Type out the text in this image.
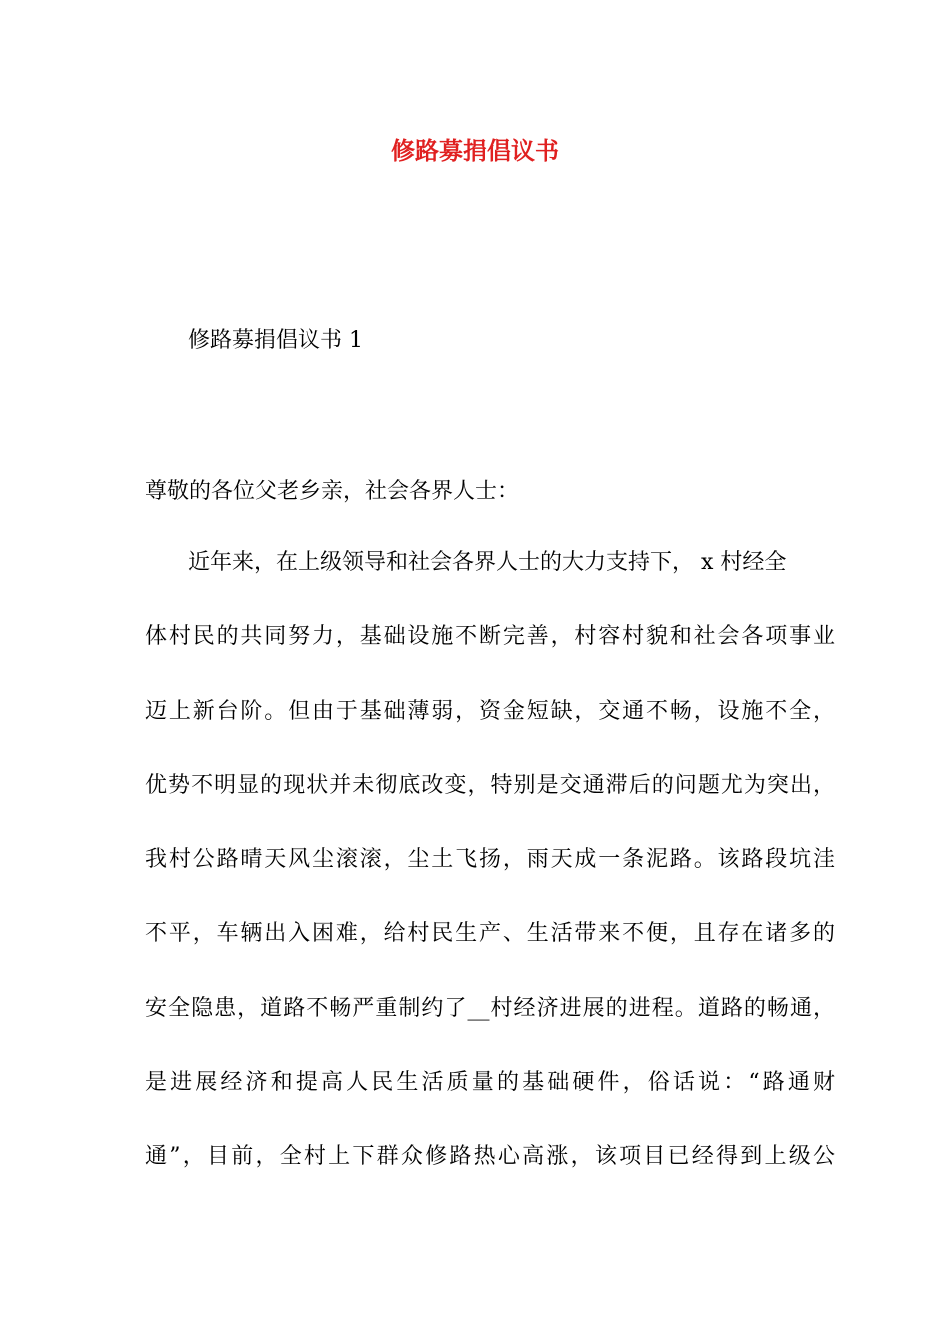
修路募捐倡议书

修路募捐倡议书 1

尊敬的各位父老乡亲，社会各界人士：

近年来，在上级领导和社会各界人士的大力支持下， x 村经全
体村民的共同努力，基础设施不断完善，村容村貌和社会各项事业
迈上新台阶。但由于基础薄弱，资金短缺，交通不畅，设施不全，
优势不明显的现状并未彻底改变，特别是交通滞后的问题尤为突出，
我村公路晴天风尘滚滚，尘土飞扬，雨天成一条泥路。该路段坑洼
不平，车辆出入困难，给村民生产、生活带来不便，且存在诸多的
安全隐患，道路不畅严重制约了__村经济进展的进程。道路的畅通，
是进展经济和提高人民生活质量的基础硬件，俗话说：“路通财
通”，目前，全村上下群众修路热心高涨，该项目已经得到上级公
